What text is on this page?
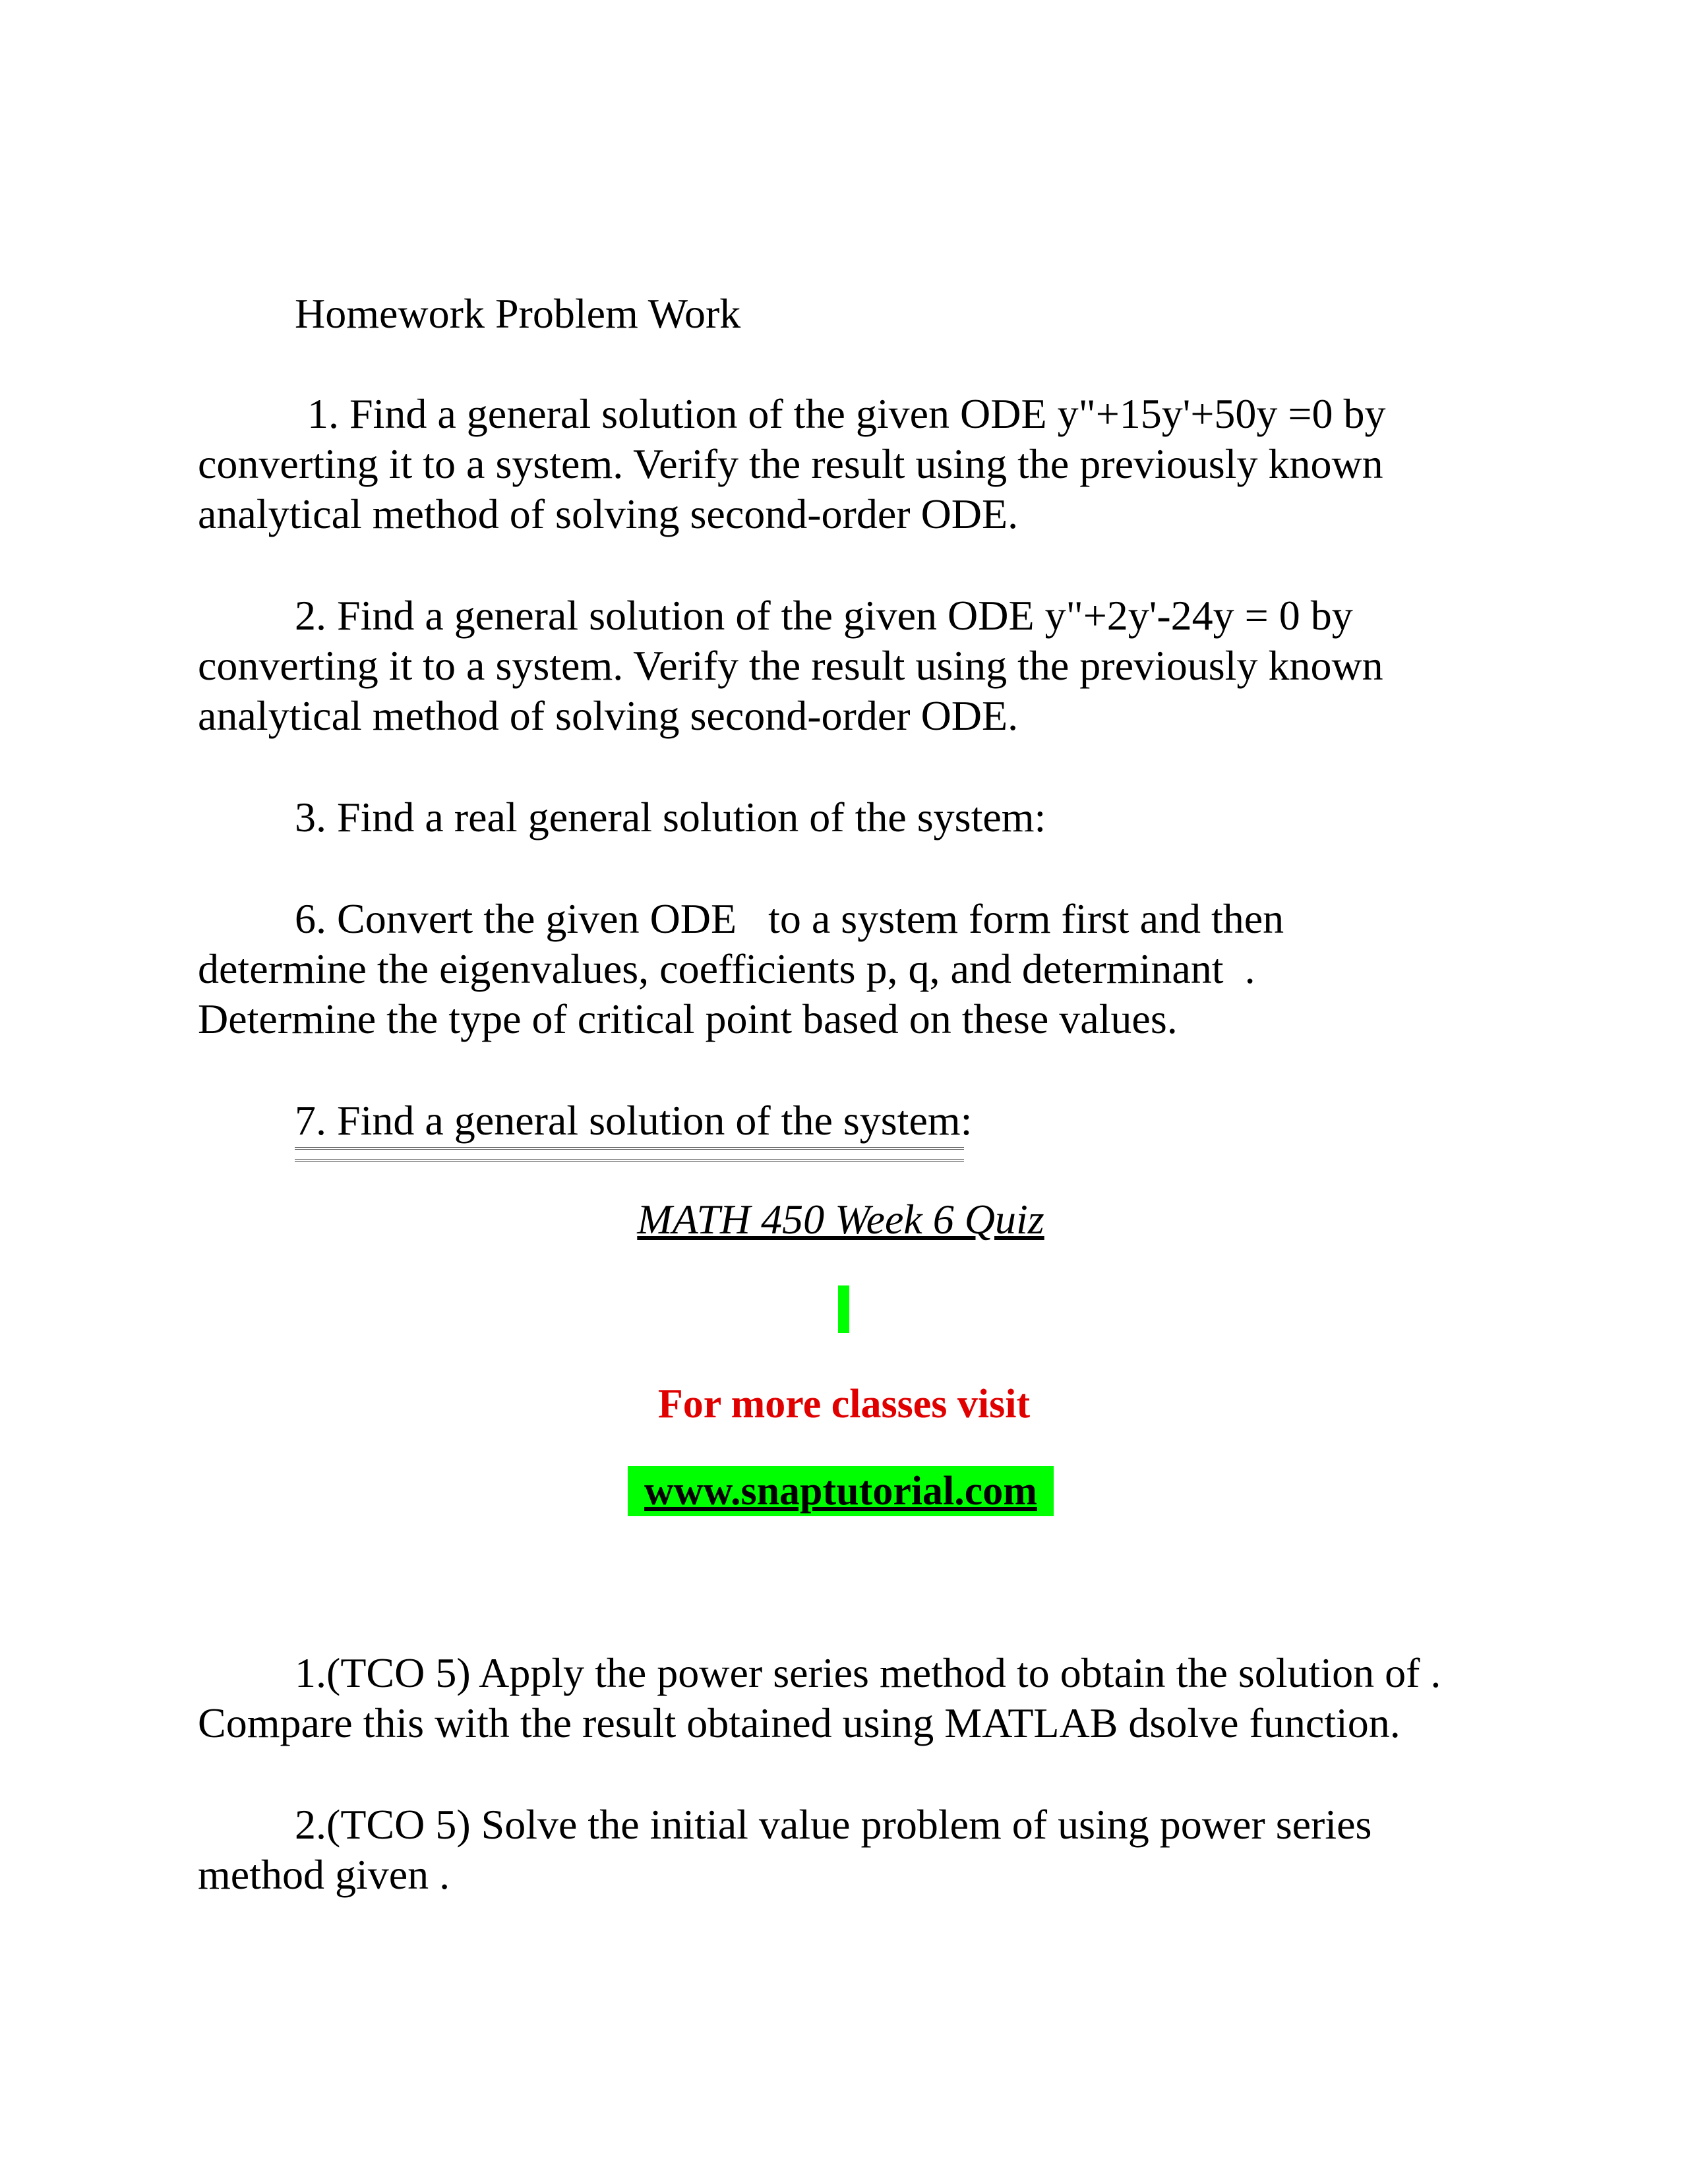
Homework Problem Work

1. Find a general solution of the given ODE y"+15y'+50y =0 by

converting it to a system. Verify the result using the previously known

analytical method of solving second-order ODE.

2. Find a general solution of the given ODE y"+2y'-24y = 0 by

converting it to a system. Verify the result using the previously known

analytical method of solving second-order ODE.

3. Find a real general solution of the system:

6. Convert the given ODE   to a system form first and then

determine the eigenvalues, coefficients p, q, and determinant  .

Determine the type of critical point based on these values.

7. Find a general solution of the system:

MATH 450 Week 6 Quiz

For more classes visit

www.snaptutorial.com

1.(TCO 5) Apply the power series method to obtain the solution of .

Compare this with the result obtained using MATLAB dsolve function.

2.(TCO 5) Solve the initial value problem of using power series

method given .
